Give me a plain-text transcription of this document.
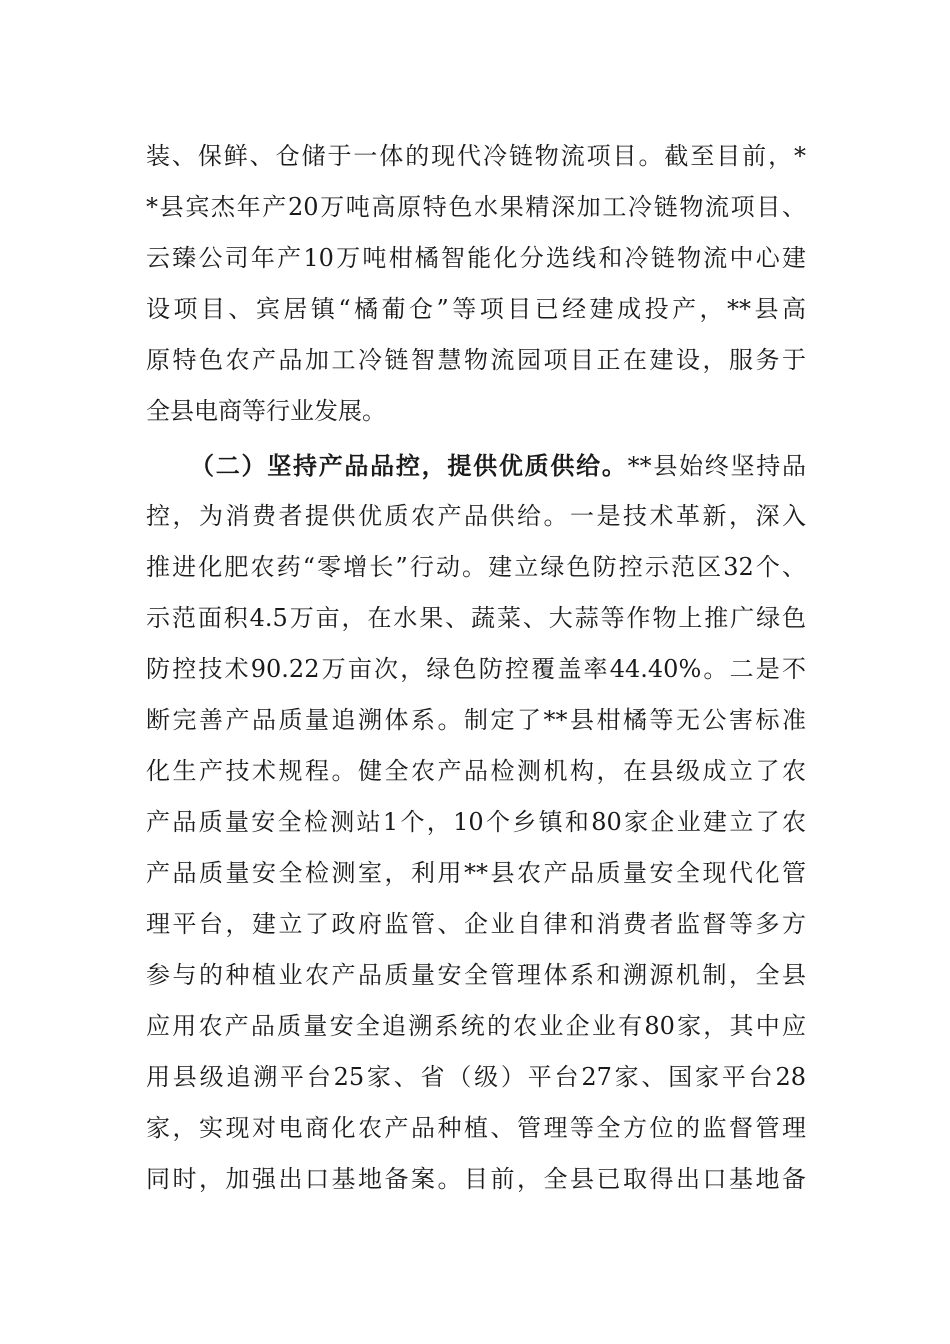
装、保鲜、仓储于一体的现代冷链物流项目。截至目前，*
*县宾杰年产20万吨高原特色水果精深加工冷链物流项目、
云臻公司年产10万吨柑橘智能化分选线和冷链物流中心建
设项目、宾居镇“橘葡仓”等项目已经建成投产，**县高
原特色农产品加工冷链智慧物流园项目正在建设，服务于
全县电商等行业发展。
（二）坚持产品品控，提供优质供给。**县始终坚持品
控，为消费者提供优质农产品供给。一是技术革新，深入
推进化肥农药“零增长”行动。建立绿色防控示范区32个、
示范面积4.5万亩，在水果、蔬菜、大蒜等作物上推广绿色
防控技术90.22万亩次，绿色防控覆盖率44.40%。二是不
断完善产品质量追溯体系。制定了**县柑橘等无公害标准
化生产技术规程。健全农产品检测机构，在县级成立了农
产品质量安全检测站1个，10个乡镇和80家企业建立了农
产品质量安全检测室，利用**县农产品质量安全现代化管
理平台，建立了政府监管、企业自律和消费者监督等多方
参与的种植业农产品质量安全管理体系和溯源机制，全县
应用农产品质量安全追溯系统的农业企业有80家，其中应
用县级追溯平台25家、省（级）平台27家、国家平台28
家，实现对电商化农产品种植、管理等全方位的监督管理
同时，加强出口基地备案。目前，全县已取得出口基地备
